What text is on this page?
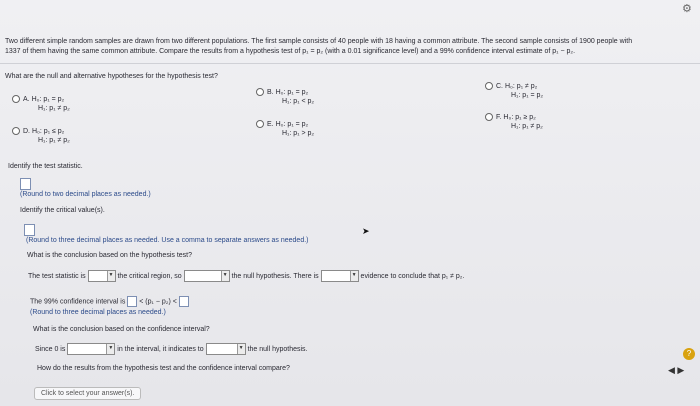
⚙
Two different simple random samples are drawn from two different populations. The first sample consists of 40 people with 18 having a common attribute. The second sample consists of 1900 people with
1337 of them having the same common attribute. Compare the results from a hypothesis test of p₁ = p₂ (with a 0.01 significance level) and a 99% confidence interval estimate of p₁ − p₂.
What are the null and alternative hypotheses for the hypothesis test?
A. H₀: p₁ = p₂
H₁: p₁ ≠ p₂
B. H₀: p₁ = p₂
H₁: p₁ < p₂
C. H₀: p₁ ≠ p₂
H₁: p₁ = p₂
D. H₀: p₁ ≤ p₂
H₁: p₁ ≠ p₂
E. H₀: p₁ = p₂
H₁: p₁ > p₂
F. H₀: p₁ ≥ p₂
H₁: p₁ ≠ p₂
Identify the test statistic.
(Round to two decimal places as needed.)
Identify the critical value(s).
(Round to three decimal places as needed. Use a comma to separate answers as needed.)
➤
What is the conclusion based on the hypothesis test?
The test statistic is	▼ the critical region, so	▼ the null hypothesis. There is	▼ evidence to conclude that p₁ ≠ p₂.
The 99% confidence interval is < (p₁ − p₂) <
(Round to three decimal places as needed.)
What is the conclusion based on the confidence interval?
Since 0 is	▼ in the interval, it indicates to	▼ the null hypothesis.
How do the results from the hypothesis test and the confidence interval compare?
?
◀ ▶
Click to select your answer(s).
